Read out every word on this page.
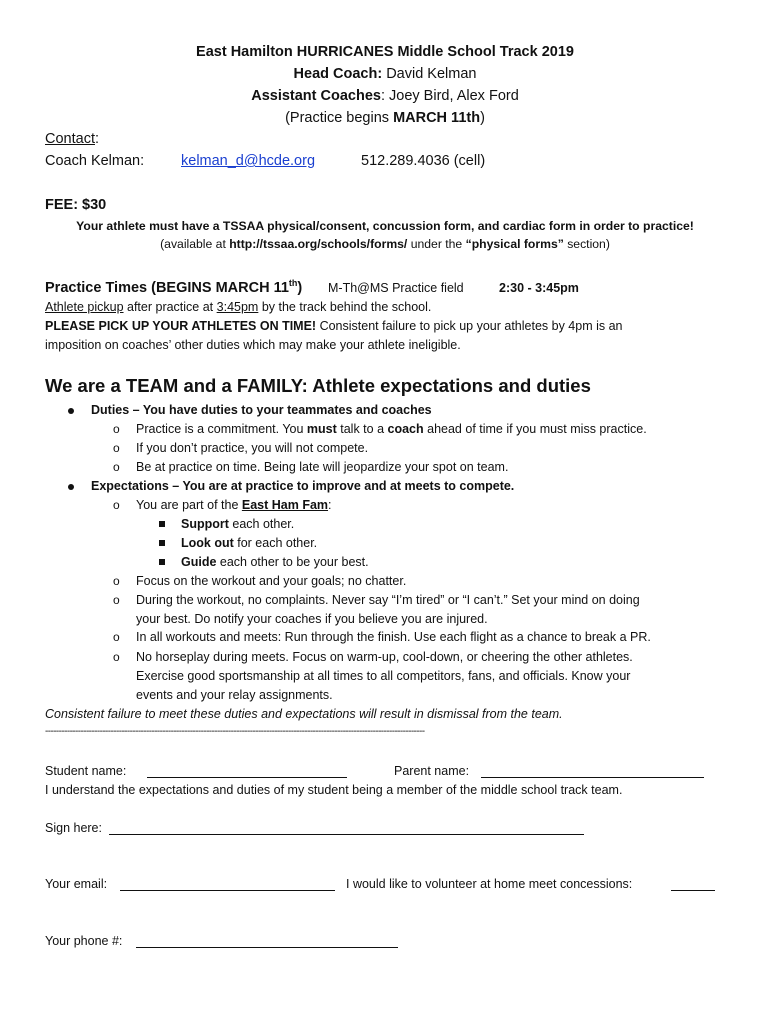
East Hamilton HURRICANES Middle School Track 2019
Head Coach: David Kelman
Assistant Coaches: Joey Bird, Alex Ford
(Practice begins MARCH 11th)
Contact:
Coach Kelman:	kelman_d@hcde.org	512.289.4036 (cell)
FEE: $30
Your athlete must have a TSSAA physical/consent, concussion form, and cardiac form in order to practice!
(available at http://tssaa.org/schools/forms/ under the “physical forms” section)
Practice Times (BEGINS MARCH 11th) M-Th@MS Practice field	2:30 - 3:45pm
Athlete pickup after practice at 3:45pm by the track behind the school.
PLEASE PICK UP YOUR ATHLETES ON TIME! Consistent failure to pick up your athletes by 4pm is an
imposition on coaches’ other duties which may make your athlete ineligible.
We are a TEAM and a FAMILY: Athlete expectations and duties
Duties – You have duties to your teammates and coaches
o Practice is a commitment. You must talk to a coach ahead of time if you must miss practice.
o If you don’t practice, you will not compete.
o Be at practice on time. Being late will jeopardize your spot on team.
Expectations – You are at practice to improve and at meets to compete.
o You are part of the East Ham Fam:
Support each other.
Look out for each other.
Guide each other to be your best.
o Focus on the workout and your goals; no chatter.
o During the workout, no complaints. Never say “I’m tired” or “I can’t.” Set your mind on doing
your best. Do notify your coaches if you believe you are injured.
o In all workouts and meets: Run through the finish. Use each flight as a chance to break a PR.
o No horseplay during meets. Focus on warm-up, cool-down, or cheering the other athletes.
Exercise good sportsmanship at all times to all competitors, fans, and officials. Know your
events and your relay assignments.
Consistent failure to meet these duties and expectations will result in dismissal from the team.
-------------------------------------------------------------------------------------------------------------------------------------------
Student name:	Parent name:
I understand the expectations and duties of my student being a member of the middle school track team.
Sign here:
Your email:	I would like to volunteer at home meet concessions:
Your phone #:
